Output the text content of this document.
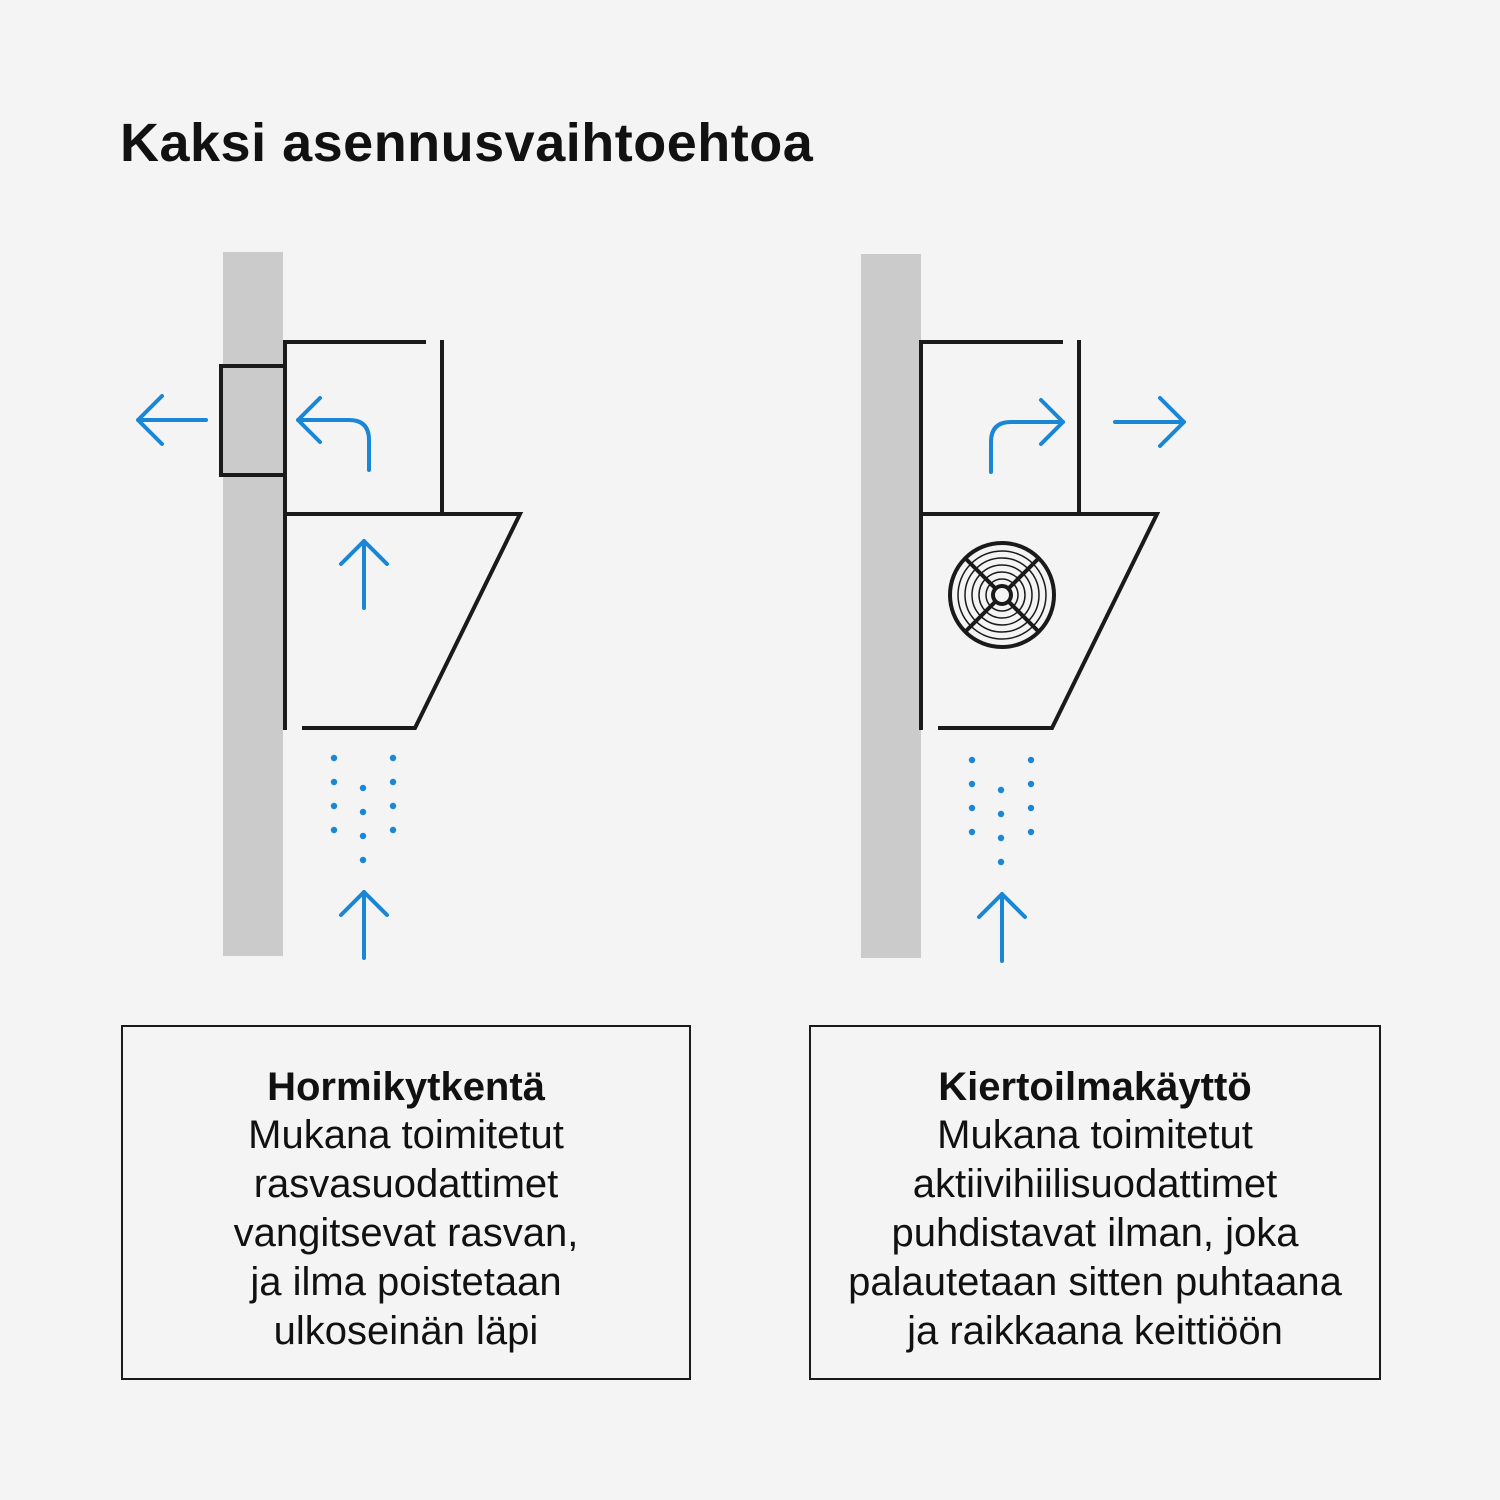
Kaksi asennusvaihtoehtoa
Hormikytkentä

Mukana toimitetut

rasvasuodattimet

vangitsevat rasvan,

ja ilma poistetaan

ulkoseinän läpi

Kiertoilmakäyttö

Mukana toimitetut

aktiivihiilisuodattimet

puhdistavat ilman, joka

palautetaan sitten puhtaana

ja raikkaana keittiöön
